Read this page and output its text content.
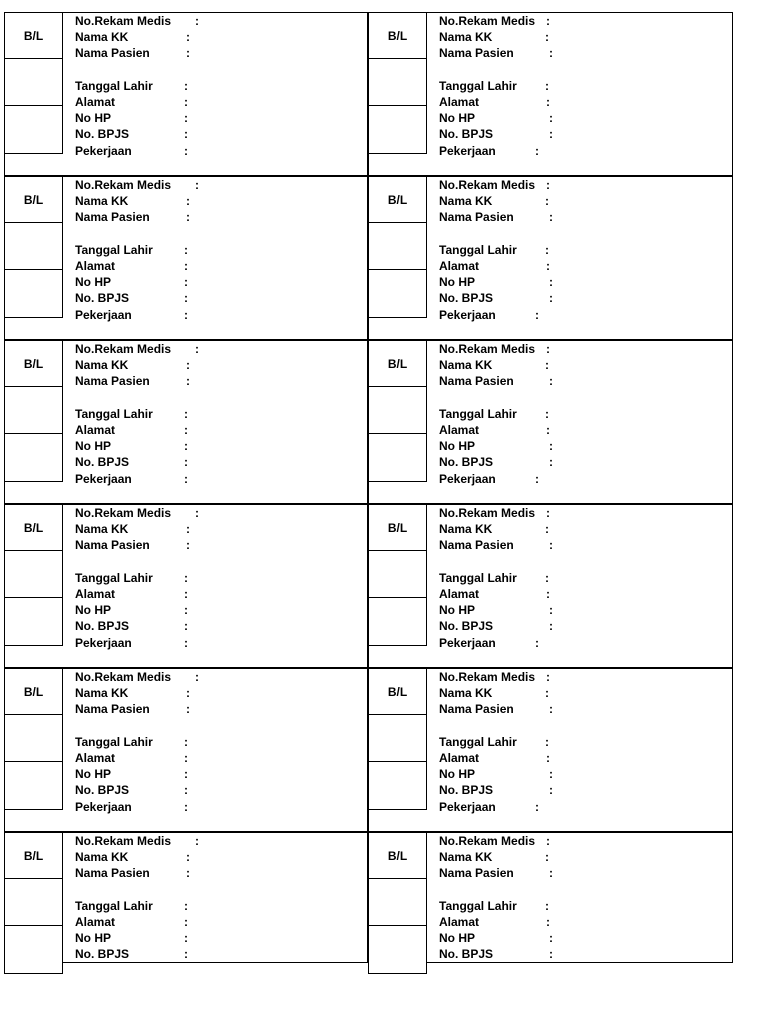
B/L
No.Rekam Medis :
Nama KK	:
Nama Pasien	:
Tanggal Lahir	:
Alamat	:
No HP	:
No. BPJS	:
Pekerjaan	:
B/L
No.Rekam Medis :
Nama KK	:
Nama Pasien	:
Tanggal Lahir :
Alamat	:
No HP	:
No. BPJS	:
Pekerjaan	:
B/L
No.Rekam Medis :
Nama KK	:
Nama Pasien	:
Tanggal Lahir	:
Alamat	:
No HP	:
No. BPJS	:
Pekerjaan	:
B/L
No.Rekam Medis :
Nama KK	:
Nama Pasien	:
Tanggal Lahir :
Alamat	:
No HP	:
No. BPJS	:
Pekerjaan	:
B/L
No.Rekam Medis :
Nama KK	:
Nama Pasien	:
Tanggal Lahir	:
Alamat	:
No HP	:
No. BPJS	:
Pekerjaan	:
B/L
No.Rekam Medis :
Nama KK	:
Nama Pasien	:
Tanggal Lahir :
Alamat	:
No HP	:
No. BPJS	:
Pekerjaan	:
B/L
No.Rekam Medis :
Nama KK	:
Nama Pasien	:
Tanggal Lahir	:
Alamat	:
No HP	:
No. BPJS	:
Pekerjaan	:
B/L
No.Rekam Medis :
Nama KK	:
Nama Pasien	:
Tanggal Lahir :
Alamat	:
No HP	:
No. BPJS	:
Pekerjaan	:
B/L
No.Rekam Medis :
Nama KK	:
Nama Pasien	:
Tanggal Lahir	:
Alamat	:
No HP	:
No. BPJS	:
Pekerjaan	:
B/L
No.Rekam Medis :
Nama KK	:
Nama Pasien	:
Tanggal Lahir :
Alamat	:
No HP	:
No. BPJS	:
Pekerjaan	:
B/L
No.Rekam Medis :
Nama KK	:
Nama Pasien	:
Tanggal Lahir	:
Alamat	:
No HP	:
No. BPJS	:
B/L
No.Rekam Medis :
Nama KK	:
Nama Pasien	:
Tanggal Lahir :
Alamat	:
No HP	:
No. BPJS	:
